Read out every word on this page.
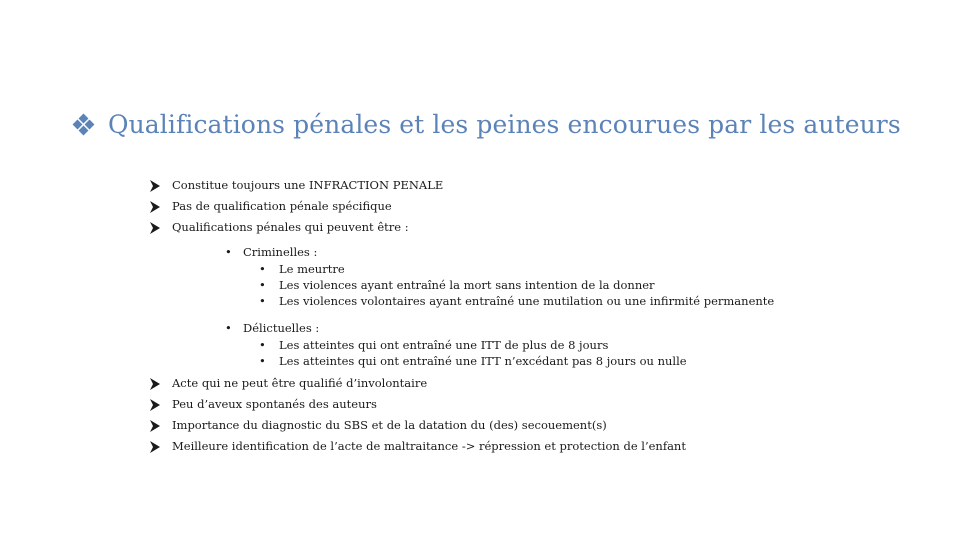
Qualifications pénales et les peines encourues par les auteurs
Constitue toujours une INFRACTION PENALE
Pas de qualification pénale spécifique
Qualifications pénales qui peuvent être :
• Criminelles :
• Le meurtre
• Les violences ayant entraîné la mort sans intention de la donner
• Les violences volontaires ayant entraîné une mutilation ou une infirmité permanente
• Délictuelles :
• Les atteintes qui ont entraîné une ITT de plus de 8 jours
• Les atteintes qui ont entraîné une ITT n’excédant pas 8 jours ou nulle
Acte qui ne peut être qualifié d’involontaire
Peu d’aveux spontanés des auteurs
Importance du diagnostic du SBS et de la datation du (des) secouement(s)
Meilleure identification de l’acte de maltraitance -> répression et protection de l’enfant
